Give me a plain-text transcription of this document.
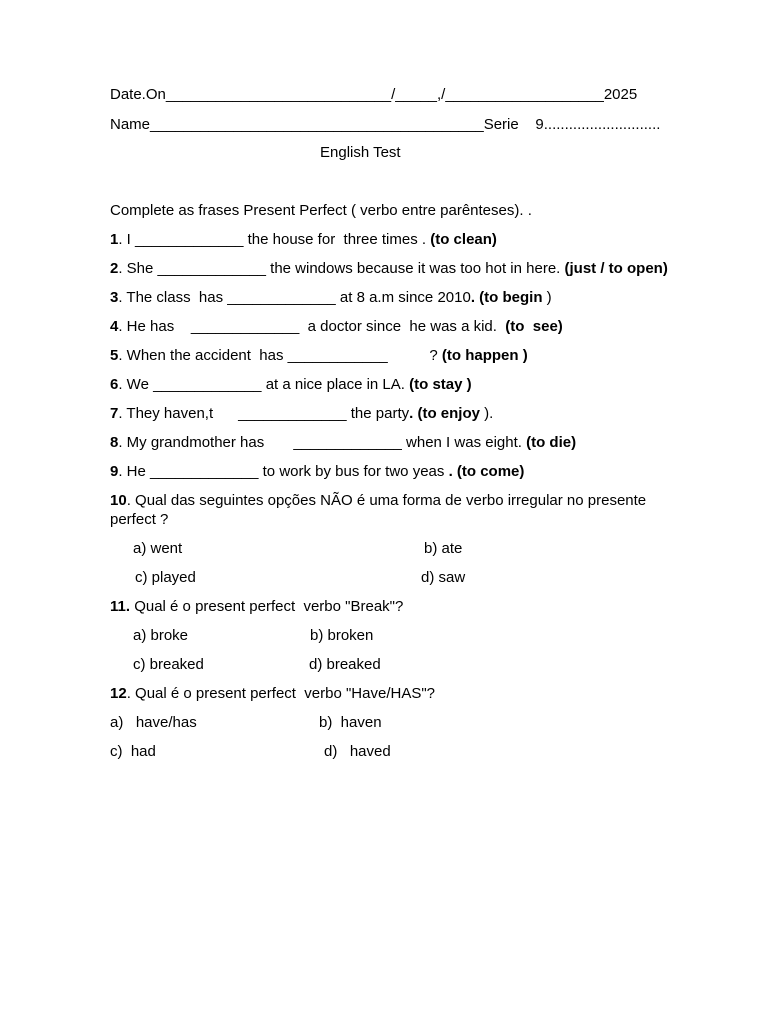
Date.On___________________________/_____,/___________________2025
Name________________________________________Serie    9............................
English Test
Complete as frases Present Perfect ( verbo entre parênteses). .
1. I _____________ the house for  three times . (to clean)
2. She _____________ the windows because it was too hot in here. (just / to open)
3. The class  has _____________ at 8 a.m since 2010. (to begin )
4. He has    _____________  a doctor since  he was a kid.  (to  see)
5. When the accident  has ____________          ? (to happen )
6. We _____________ at a nice place in LA. (to stay )
7. They haven,t      _____________ the party. (to enjoy ).
8. My grandmother has       _____________ when I was eight. (to die)
9. He _____________ to work by bus for two yeas . (to come)
10. Qual das seguintes opções NÃO é uma forma de verbo irregular no presente
perfect ?
a) went	b) ate
c) played	d) saw
11. Qual é o present perfect  verbo "Break"?
a) broke	b) broken
c) breaked	d) breaked
12. Qual é o present perfect  verbo "Have/HAS"?
a)   have/has	b)  haven
c)  had	d)   haved
